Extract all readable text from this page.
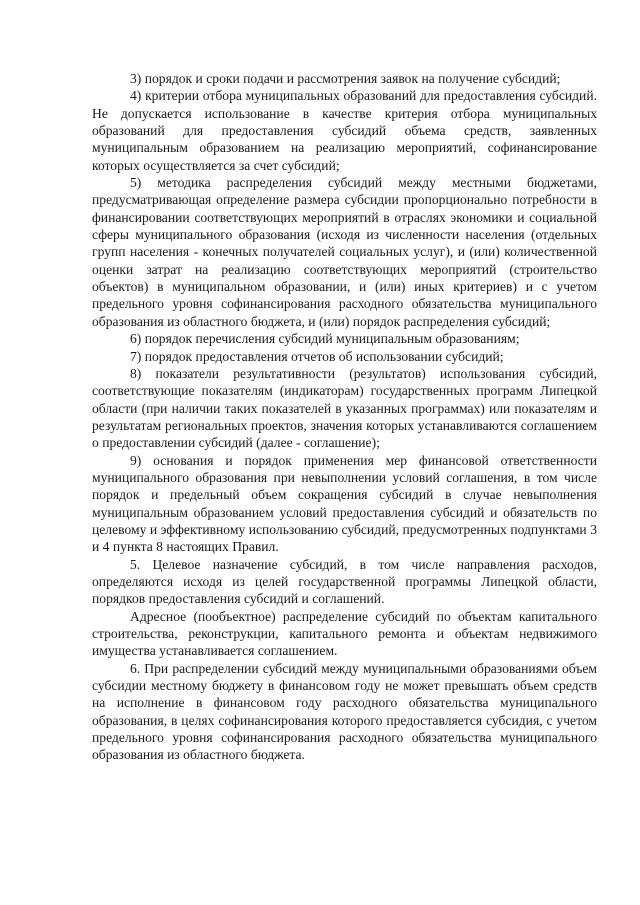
3) порядок и сроки подачи и рассмотрения заявок на получение субсидий;

4) критерии отбора муниципальных образований для предоставления субсидий. Не допускается использование в качестве критерия отбора муниципальных образований для предоставления субсидий объема средств, заявленных муниципальным образованием на реализацию мероприятий, софинансирование которых осуществляется за счет субсидий;

5) методика распределения субсидий между местными бюджетами, предусматривающая определение размера субсидии пропорционально потребности в финансировании соответствующих мероприятий в отраслях экономики и социальной сферы муниципального образования (исходя из численности населения (отдельных групп населения - конечных получателей социальных услуг), и (или) количественной оценки затрат на реализацию соответствующих мероприятий (строительство объектов) в муниципальном образовании, и (или) иных критериев) и с учетом предельного уровня софинансирования расходного обязательства муниципального образования из областного бюджета, и (или) порядок распределения субсидий;

6) порядок перечисления субсидий муниципальным образованиям;

7) порядок предоставления отчетов об использовании субсидий;

8) показатели результативности (результатов) использования субсидий, соответствующие показателям (индикаторам) государственных программ Липецкой области (при наличии таких показателей в указанных программах) или показателям и результатам региональных проектов, значения которых устанавливаются соглашением о предоставлении субсидий (далее - соглашение);

9) основания и порядок применения мер финансовой ответственности муниципального образования при невыполнении условий соглашения, в том числе порядок и предельный объем сокращения субсидий в случае невыполнения муниципальным образованием условий предоставления субсидий и обязательств по целевому и эффективному использованию субсидий, предусмотренных подпунктами 3 и 4 пункта 8 настоящих Правил.

5. Целевое назначение субсидий, в том числе направления расходов, определяются исходя из целей государственной программы Липецкой области, порядков предоставления субсидий и соглашений.

Адресное (пообъектное) распределение субсидий по объектам капитального строительства, реконструкции, капитального ремонта и объектам недвижимого имущества устанавливается соглашением.

6. При распределении субсидий между муниципальными образованиями объем субсидии местному бюджету в финансовом году не может превышать объем средств на исполнение в финансовом году расходного обязательства муниципального образования, в целях софинансирования которого предоставляется субсидия, с учетом предельного уровня софинансирования расходного обязательства муниципального образования из областного бюджета.
